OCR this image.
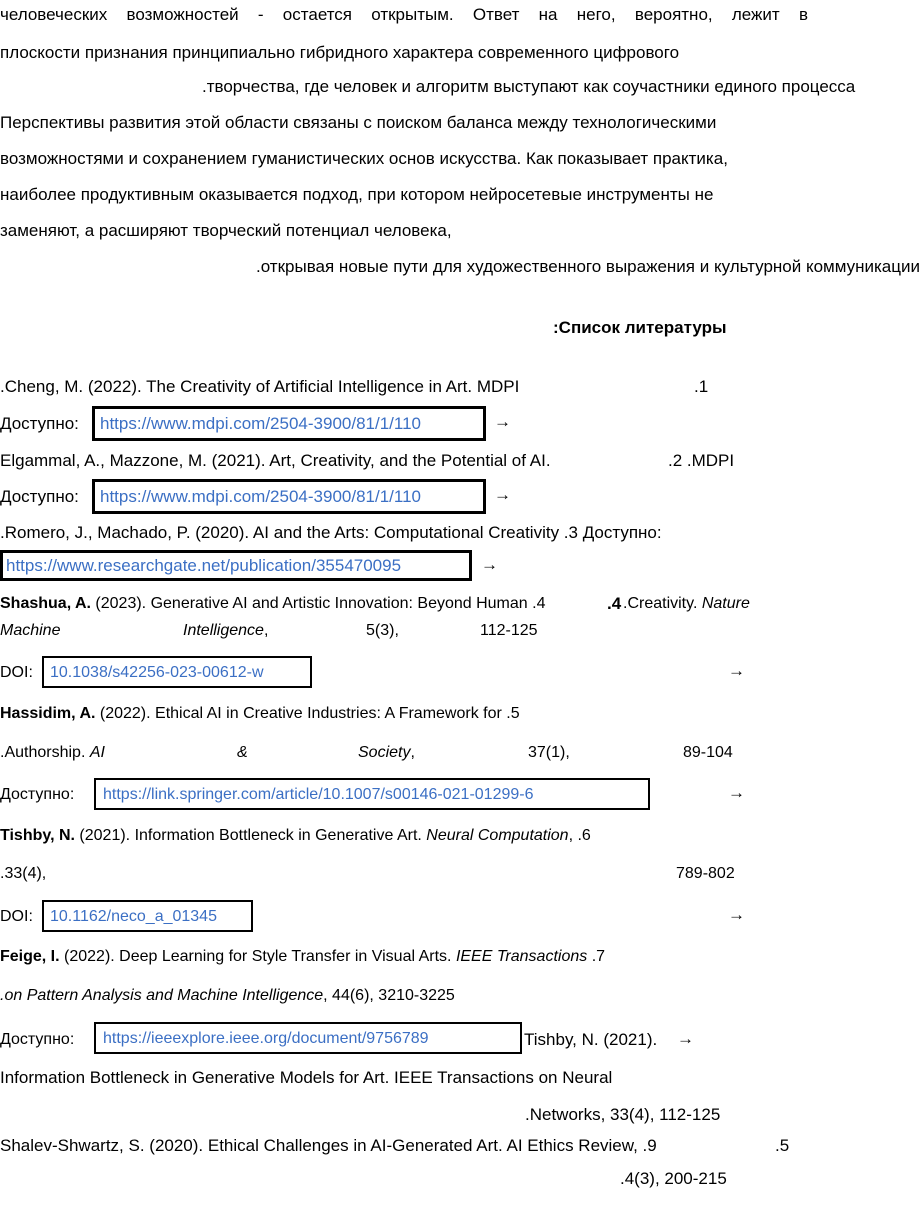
человеческих возможностей - остается открытым. Ответ на него, вероятно, лежит в
плоскости признания принципиально гибридного характера современного цифрового
.творчества, где человек и алгоритм выступают как соучастники единого процесса
Перспективы развития этой области связаны с поиском баланса между технологическими
возможностями и сохранением гуманистических основ искусства. Как показывает практика,
наиболее продуктивным оказывается подход, при котором нейросетевые инструменты не
заменяют, а расширяют творческий потенциал человека,
.открывая новые пути для художественного выражения и культурной коммуникации
:Список литературы
.Cheng, M. (2022). The Creativity of Artificial Intelligence in Art. MDPI	.1
Доступно: https://www.mdpi.com/2504-3900/81/1/110	→
Elgammal, A., Mazzone, M. (2021). Art, Creativity, and the Potential of AI.	.2 .MDPI
Доступно: https://www.mdpi.com/2504-3900/81/1/110	→
.Romero, J., Machado, P. (2020). AI and the Arts: Computational Creativity .3 Доступно:
https://www.researchgate.net/publication/355470095	→
Shashua, A. (2023). Generative AI and Artistic Innovation: Beyond Human .4	.4 .Creativity. Nature
Machine	Intelligence,	5(3),	112-125
DOI: 10.1038/s42256-023-00612-w	→
Hassidim, A. (2022). Ethical AI in Creative Industries: A Framework for .5
.Authorship. AI	&	Society,	37(1),	89-104
Доступно: https://link.springer.com/article/10.1007/s00146-021-01299-6	→
Tishby, N. (2021). Information Bottleneck in Generative Art. Neural Computation, .6
.33(4),	789-802
DOI: 10.1162/neco_a_01345	→
Feige, I. (2022). Deep Learning for Style Transfer in Visual Arts. IEEE Transactions .7
.on Pattern Analysis and Machine Intelligence, 44(6), 3210-3225
Доступно: https://ieeexplore.ieee.org/document/9756789	Tishby, N. (2021). →
Information Bottleneck in Generative Models for Art. IEEE Transactions on Neural
.Networks, 33(4), 112-125
Shalev-Shwartz, S. (2020). Ethical Challenges in AI-Generated Art. AI Ethics Review, .9	.5
.4(3), 200-215
